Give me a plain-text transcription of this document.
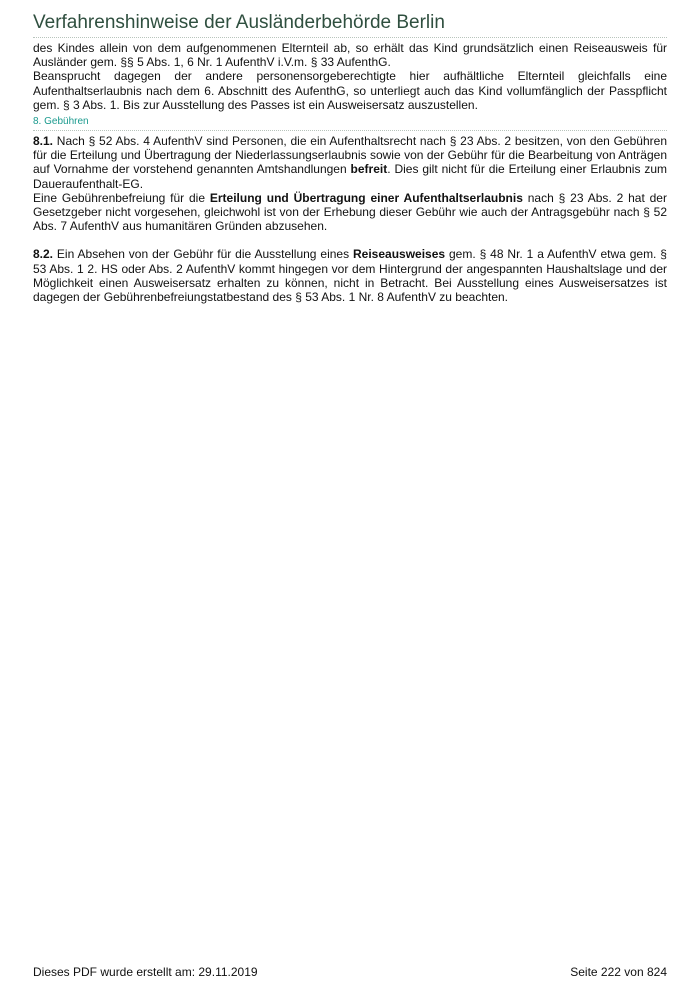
Verfahrenshinweise der Ausländerbehörde Berlin

des Kindes allein von dem aufgenommenen Elternteil ab, so erhält das Kind grundsätzlich einen Reiseausweis für Ausländer gem. §§ 5 Abs. 1, 6 Nr. 1 AufenthV i.V.m. § 33 AufenthG.

Beansprucht dagegen der andere personensorgeberechtigte hier aufhältliche Elternteil gleichfalls eine Aufenthaltserlaubnis nach dem 6. Abschnitt des AufenthG, so unterliegt auch das Kind vollumfänglich der Passpflicht gem. § 3 Abs. 1. Bis zur Ausstellung des Passes ist ein Ausweisersatz auszustellen.

8. Gebühren

8.1. Nach § 52 Abs. 4 AufenthV sind Personen, die ein Aufenthaltsrecht nach § 23 Abs. 2 besitzen, von den Gebühren für die Erteilung und Übertragung der Niederlassungserlaubnis sowie von der Gebühr für die Bearbeitung von Anträgen auf Vornahme der vorstehend genannten Amtshandlungen befreit. Dies gilt nicht für die Erteilung einer Erlaubnis zum Daueraufenthalt-EG.

Eine Gebührenbefreiung für die Erteilung und Übertragung einer Aufenthaltserlaubnis nach § 23 Abs. 2 hat der Gesetzgeber nicht vorgesehen, gleichwohl ist von der Erhebung dieser Gebühr wie auch der Antragsgebühr nach § 52 Abs. 7 AufenthV aus humanitären Gründen abzusehen.

8.2. Ein Absehen von der Gebühr für die Ausstellung eines Reiseausweises gem. § 48 Nr. 1 a AufenthV etwa gem. § 53 Abs. 1 2. HS oder Abs. 2 AufenthV kommt hingegen vor dem Hintergrund der angespannten Haushaltslage und der Möglichkeit einen Ausweisersatz erhalten zu können, nicht in Betracht. Bei Ausstellung eines Ausweisersatzes ist dagegen der Gebührenbefreiungstatbestand des § 53 Abs. 1 Nr. 8 AufenthV zu beachten.

Dieses PDF wurde erstellt am: 29.11.2019	Seite 222 von 824
